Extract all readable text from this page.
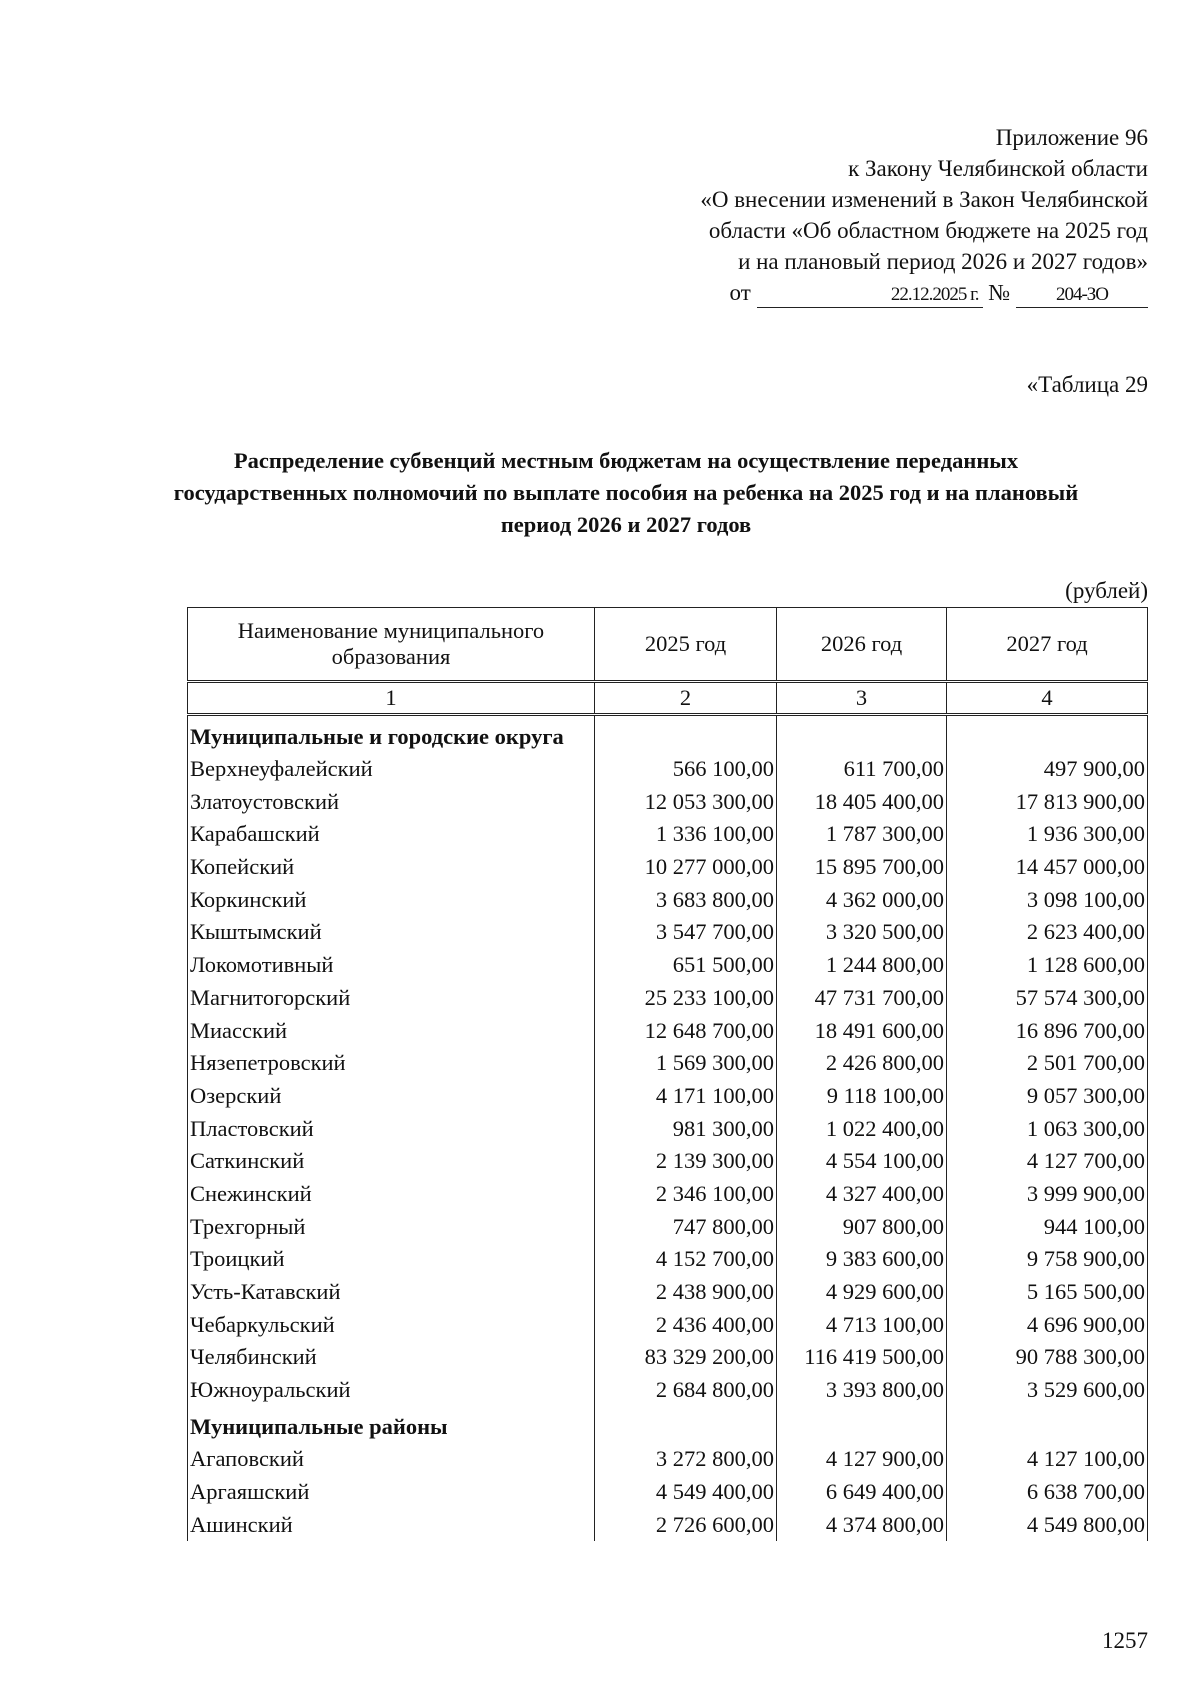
Приложение 96
к Закону Челябинской области
«О внесении изменений в Закон Челябинской
области «Об областном бюджете на 2025 год
и на плановый период 2026 и 2027 годов»
от	22.12.2025 г. № 204-ЗО
«Таблица 29
Распределение субвенций местным бюджетам на осуществление переданных государственных полномочий по выплате пособия на ребенка на 2025 год и на плановый период 2026 и 2027 годов
(рублей)
Наименование муниципального образования	2025 год	2026 год	2027 год
1	2	3	4
Муниципальные и городские округа			
Верхнеуфалейский	566 100,00	611 700,00	497 900,00
Златоустовский	12 053 300,00	18 405 400,00	17 813 900,00
Карабашский	1 336 100,00	1 787 300,00	1 936 300,00
Копейский	10 277 000,00	15 895 700,00	14 457 000,00
Коркинский	3 683 800,00	4 362 000,00	3 098 100,00
Кыштымский	3 547 700,00	3 320 500,00	2 623 400,00
Локомотивный	651 500,00	1 244 800,00	1 128 600,00
Магнитогорский	25 233 100,00	47 731 700,00	57 574 300,00
Миасский	12 648 700,00	18 491 600,00	16 896 700,00
Нязепетровский	1 569 300,00	2 426 800,00	2 501 700,00
Озерский	4 171 100,00	9 118 100,00	9 057 300,00
Пластовский	981 300,00	1 022 400,00	1 063 300,00
Саткинский	2 139 300,00	4 554 100,00	4 127 700,00
Снежинский	2 346 100,00	4 327 400,00	3 999 900,00
Трехгорный	747 800,00	907 800,00	944 100,00
Троицкий	4 152 700,00	9 383 600,00	9 758 900,00
Усть-Катавский	2 438 900,00	4 929 600,00	5 165 500,00
Чебаркульский	2 436 400,00	4 713 100,00	4 696 900,00
Челябинский	83 329 200,00	116 419 500,00	90 788 300,00
Южноуральский	2 684 800,00	3 393 800,00	3 529 600,00
Муниципальные районы			
Агаповский	3 272 800,00	4 127 900,00	4 127 100,00
Аргаяшский	4 549 400,00	6 649 400,00	6 638 700,00
Ашинский	2 726 600,00	4 374 800,00	4 549 800,00
1257
